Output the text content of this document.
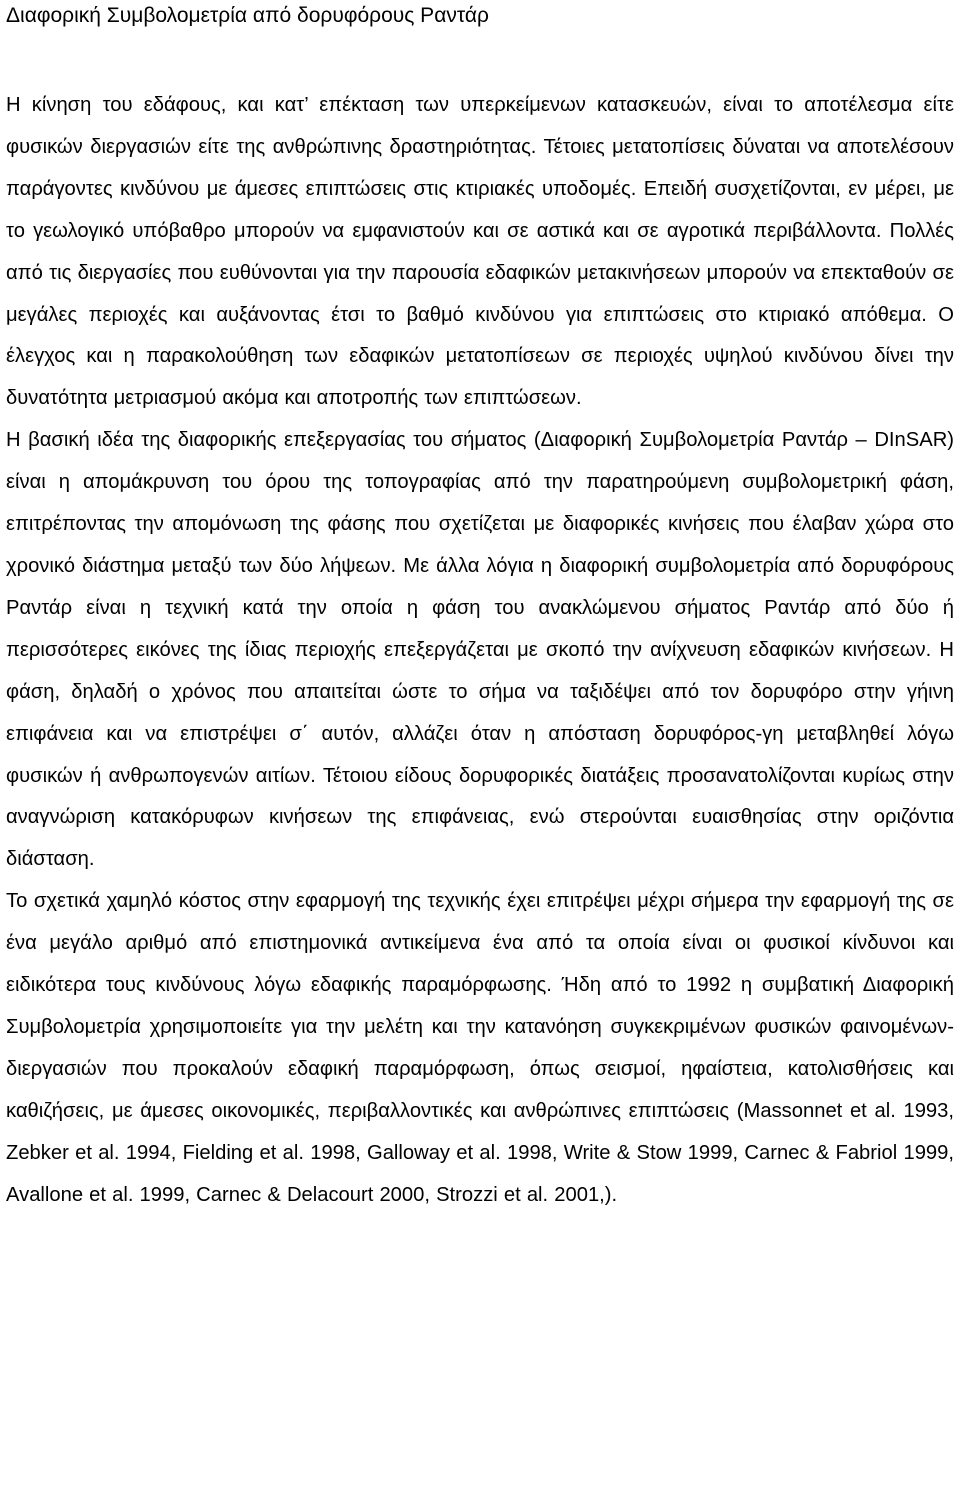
Διαφορική Συμβολομετρία από δορυφόρους Ραντάρ

Η κίνηση του εδάφους, και κατ’ επέκταση των υπερκείμενων κατασκευών, είναι το αποτέλεσμα είτε φυσικών διεργασιών είτε της ανθρώπινης δραστηριότητας. Τέτοιες μετατοπίσεις δύναται να αποτελέσουν παράγοντες κινδύνου με άμεσες επιπτώσεις στις κτιριακές υποδομές. Επειδή συσχετίζονται, εν μέρει, με το γεωλογικό υπόβαθρο μπορούν να εμφανιστούν και σε αστικά και σε αγροτικά περιβάλλοντα. Πολλές από τις διεργασίες που ευθύνονται για την παρουσία εδαφικών μετακινήσεων μπορούν να επεκταθούν σε μεγάλες περιοχές και αυξάνοντας έτσι το βαθμό κινδύνου για επιπτώσεις στο κτιριακό απόθεμα. Ο έλεγχος και η παρακολούθηση των εδαφικών μετατοπίσεων σε περιοχές υψηλού κινδύνου δίνει την δυνατότητα μετριασμού ακόμα και αποτροπής των επιπτώσεων.

Η βασική ιδέα της διαφορικής επεξεργασίας του σήματος (Διαφορική Συμβολομετρία Ραντάρ – DInSAR) είναι η απομάκρυνση του όρου της τοπογραφίας από την παρατηρούμενη συμβολομετρική φάση, επιτρέποντας την απομόνωση της φάσης που σχετίζεται με διαφορικές κινήσεις που έλαβαν χώρα στο χρονικό διάστημα μεταξύ των δύο λήψεων. Με άλλα λόγια η διαφορική συμβολομετρία από δορυφόρους Ραντάρ είναι η τεχνική κατά την οποία η φάση του ανακλώμενου σήματος Ραντάρ από δύο ή περισσότερες εικόνες της ίδιας περιοχής επεξεργάζεται με σκοπό την ανίχνευση εδαφικών κινήσεων. Η φάση, δηλαδή ο χρόνος που απαιτείται ώστε το σήμα να ταξιδέψει από τον δορυφόρο στην γήινη επιφάνεια και να επιστρέψει σ΄ αυτόν, αλλάζει όταν η απόσταση δορυφόρος-γη μεταβληθεί λόγω φυσικών ή ανθρωπογενών αιτίων. Τέτοιου είδους δορυφορικές διατάξεις προσανατολίζονται κυρίως στην αναγνώριση κατακόρυφων κινήσεων της επιφάνειας, ενώ στερούνται ευαισθησίας στην οριζόντια διάσταση.

Το σχετικά χαμηλό κόστος στην εφαρμογή της τεχνικής έχει επιτρέψει μέχρι σήμερα την εφαρμογή της σε ένα μεγάλο αριθμό από επιστημονικά αντικείμενα ένα από τα οποία είναι οι φυσικοί κίνδυνοι και ειδικότερα τους κινδύνους λόγω εδαφικής παραμόρφωσης. Ήδη από το 1992 η συμβατική Διαφορική Συμβολομετρία χρησιμοποιείτε για την μελέτη και την κατανόηση συγκεκριμένων φυσικών φαινομένων-διεργασιών που προκαλούν εδαφική παραμόρφωση, όπως σεισμοί, ηφαίστεια, κατολισθήσεις και καθιζήσεις, με άμεσες οικονομικές, περιβαλλοντικές και ανθρώπινες επιπτώσεις (Massonnet et al. 1993, Zebker et al. 1994, Fielding et al. 1998, Galloway et al. 1998, Write & Stow 1999, Carnec & Fabriol 1999, Avallone et al. 1999, Carnec & Delacourt 2000, Strozzi et al. 2001,).
